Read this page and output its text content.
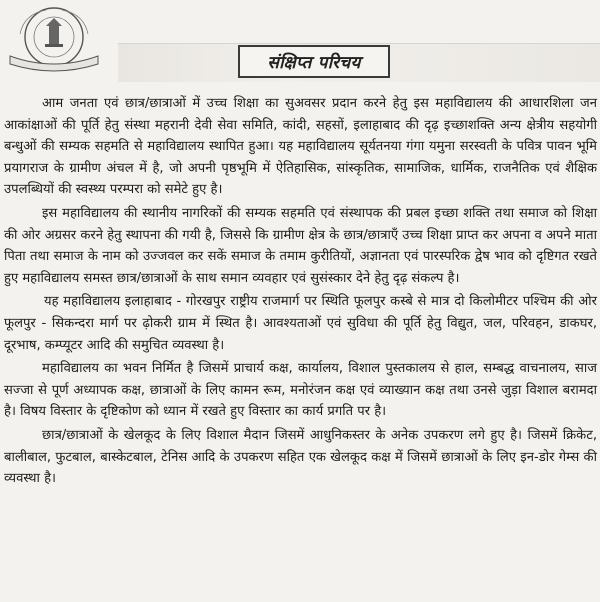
संक्षिप्त परिचय

आम जनता एवं छात्र/छात्राओं में उच्च शिक्षा का सुअवसर प्रदान करने हेतु इस महाविद्यालय की आधारशिला जन आकांक्षाओं की पूर्ति हेतु संस्था महरानी देवी सेवा समिति, कांदी, सहसों, इलाहाबाद की दृढ़ इच्छाशक्ति अन्य क्षेत्रीय सहयोगी बन्धुओं की सम्यक सहमति से महाविद्यालय स्थापित हुआ। यह महाविद्यालय सूर्यतनया गंगा यमुना सरस्वती के पवित्र पावन भूमि प्रयागराज के ग्रामीण अंचल में है, जो अपनी पृष्ठभूमि में ऐतिहासिक, सांस्कृतिक, सामाजिक, धार्मिक, राजनैतिक एवं शैक्षिक उपलब्धियों की स्वस्थ्य परम्परा को समेटे हुए है।

इस महाविद्यालय की स्थानीय नागरिकों की सम्यक सहमति एवं संस्थापक की प्रबल इच्छा शक्ति तथा समाज को शिक्षा की ओर अग्रसर करने हेतु स्थापना की गयी है, जिससे कि ग्रामीण क्षेत्र के छात्र/छात्राएँ उच्च शिक्षा प्राप्त कर अपना व अपने माता पिता तथा समाज के नाम को उज्जवल कर सकें समाज के तमाम कुरीतियों, अज्ञानता एवं पारस्परिक द्वेष भाव को दृष्टिगत रखते हुए महाविद्यालय समस्त छात्र/छात्राओं के साथ समान व्यवहार एवं सुसंस्कार देने हेतु दृढ़ संकल्प है।

यह महाविद्यालय इलाहाबाद - गोरखपुर राष्ट्रीय राजमार्ग पर स्थिति फूलपुर कस्बे से मात्र दो किलोमीटर पश्चिम की ओर फूलपुर - सिकन्दरा मार्ग पर ढ़ोकरी ग्राम में स्थित है। आवश्यताओं एवं सुविधा की पूर्ति हेतु विद्युत, जल, परिवहन, डाकघर, दूरभाष, कम्प्यूटर आदि की समुचित व्यवस्था है।

महाविद्यालय का भवन निर्मित है जिसमें प्राचार्य कक्ष, कार्यालय, विशाल पुस्तकालय से हाल, सम्बद्ध वाचनालय, साज सज्जा से पूर्ण अध्यापक कक्ष, छात्राओं के लिए कामन रूम, मनोरंजन कक्ष एवं व्याख्यान कक्ष तथा उनसे जुड़ा विशाल बरामदा है। विषय विस्तार के दृष्टिकोण को ध्यान में रखते हुए विस्तार का कार्य प्रगति पर है।

छात्र/छात्राओं के खेलकूद के लिए विशाल मैदान जिसमें आधुनिकस्तर के अनेक उपकरण लगे हुए है। जिसमें क्रिकेट, बालीबाल, फुटबाल, बास्केटबाल, टेनिस आदि के उपकरण सहित एक खेलकूद कक्ष में जिसमें छात्राओं के लिए इन-डोर गेम्स की व्यवस्था है।
